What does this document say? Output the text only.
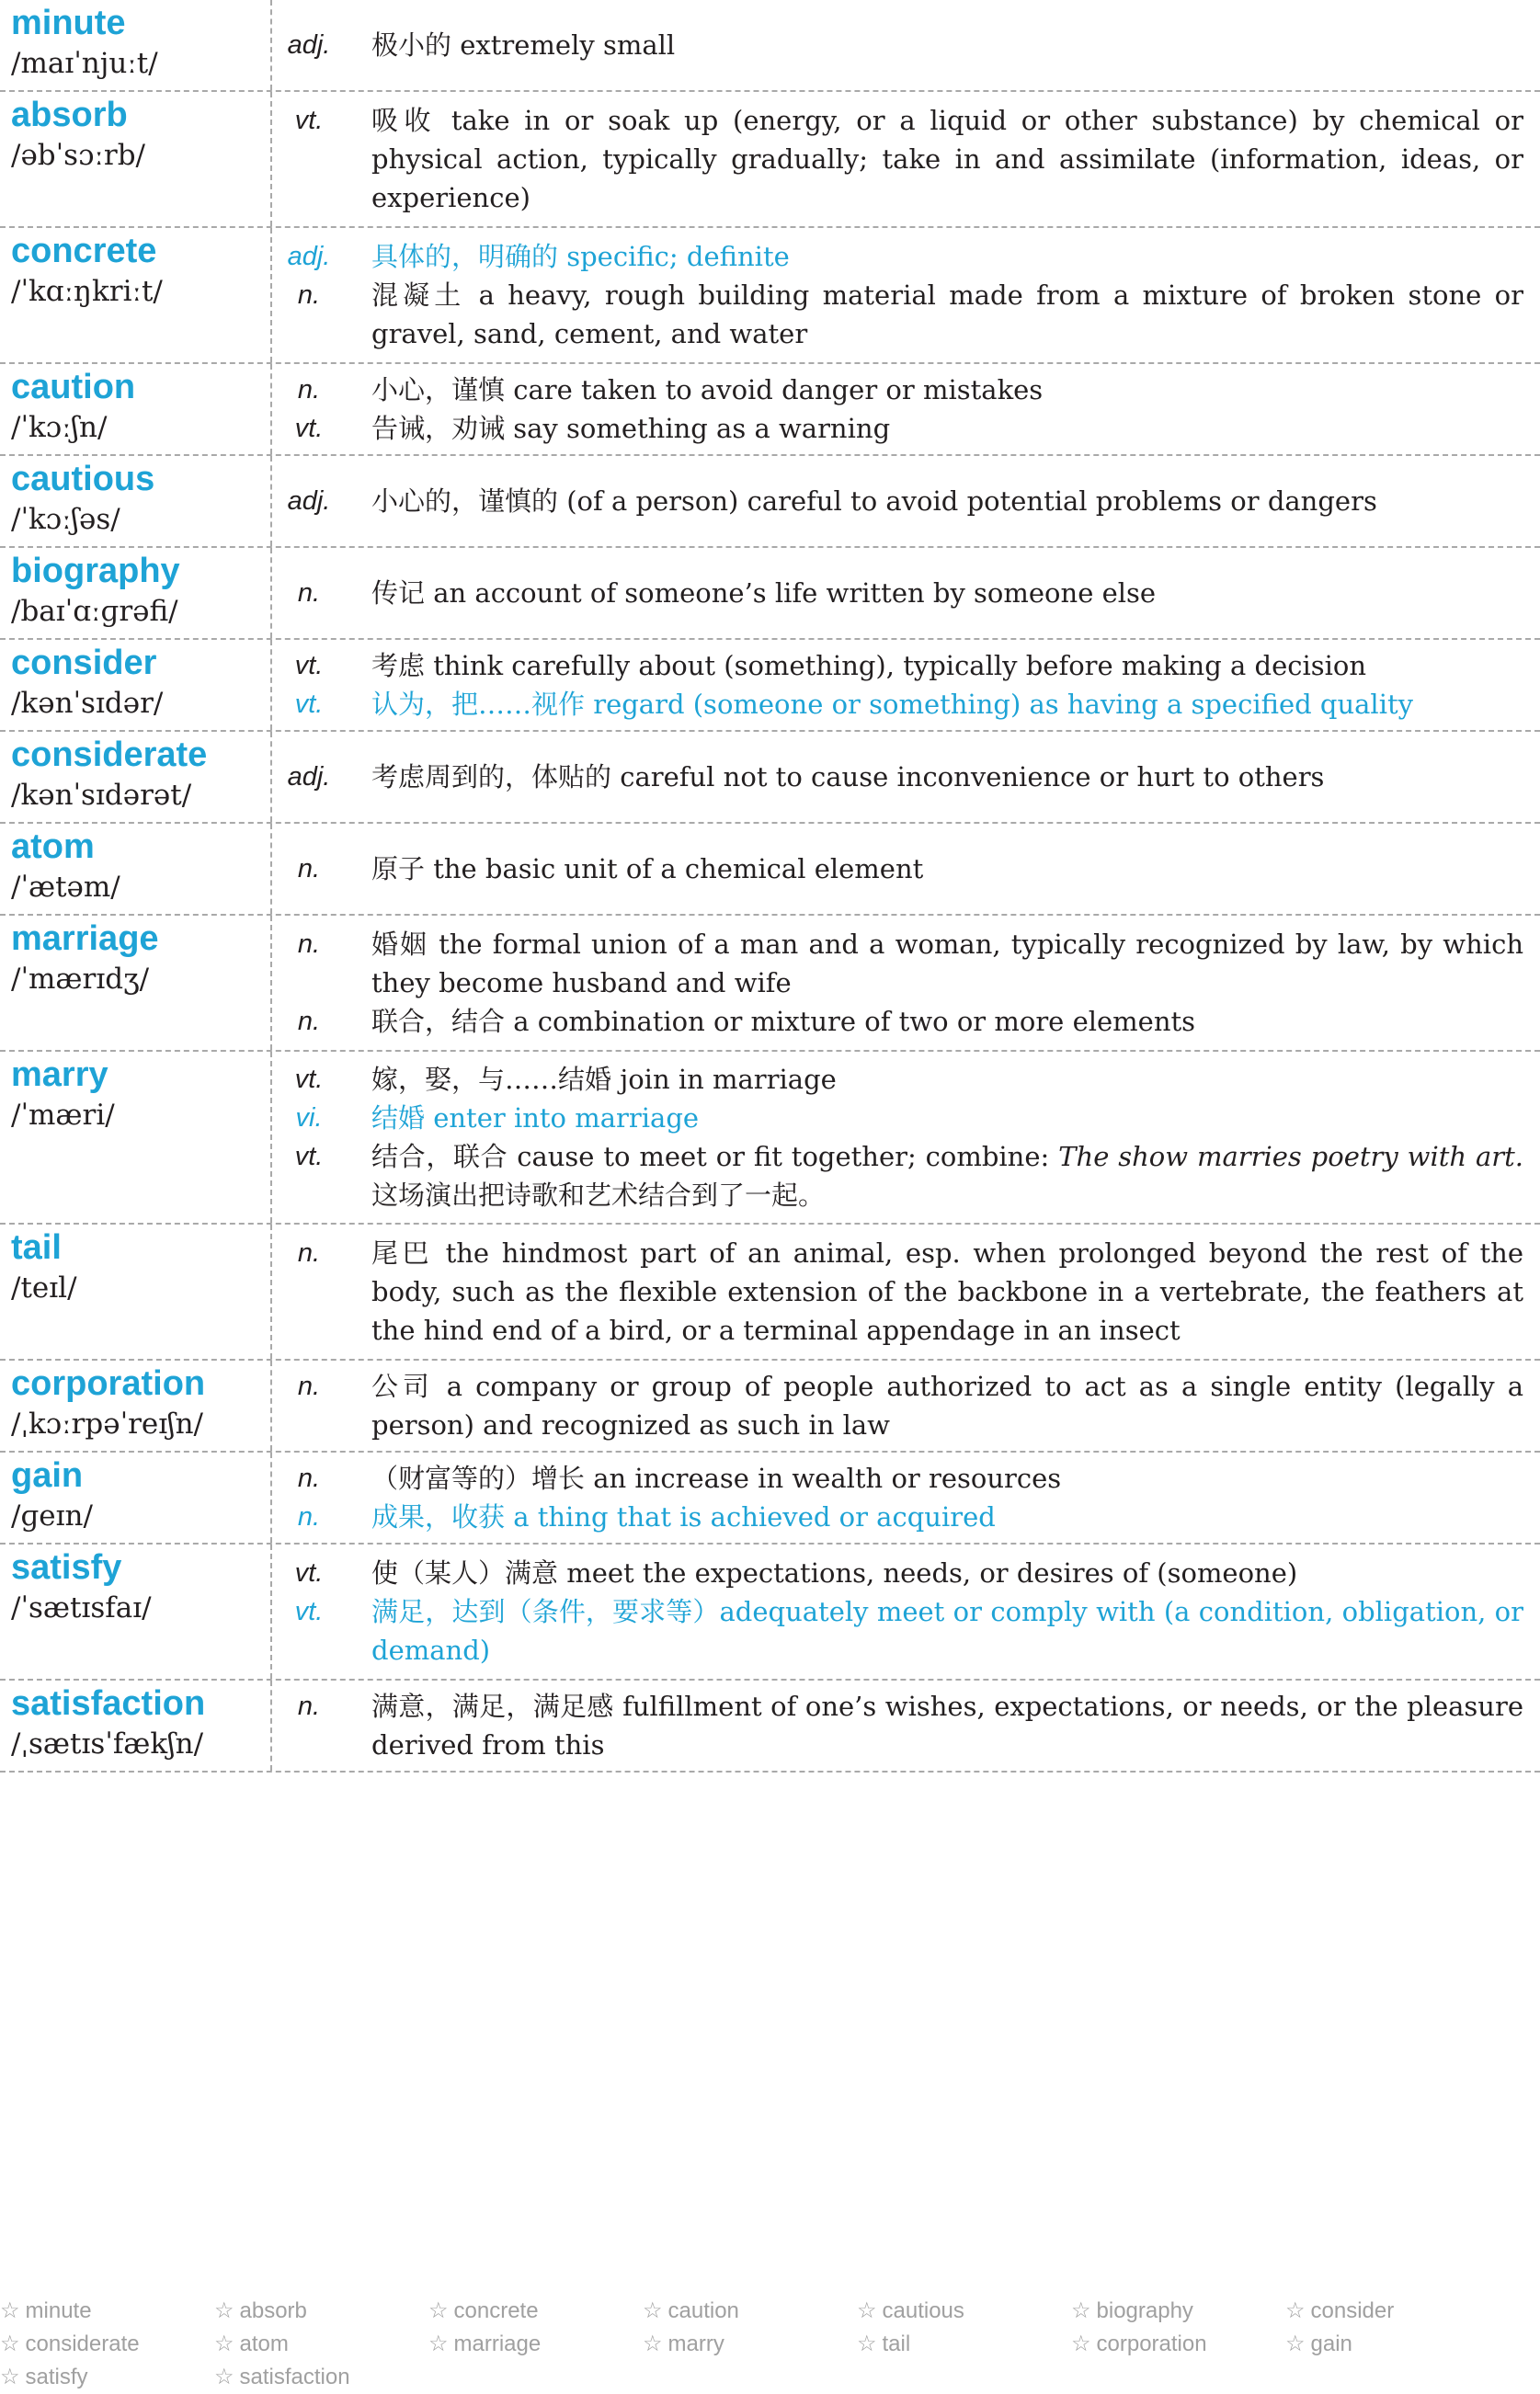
minute
/maɪˈnjuːt/
adj.	极小的 extremely small
absorb
/əbˈsɔːrb/
vt.	吸收 take in or soak up (energy, or a liquid or other substance) by chemical or physical action, typically gradually; take in and assimilate (information, ideas, or experience)
concrete
/ˈkɑːŋkriːt/
adj.	具体的，明确的 specific; definite
n.	混凝土 a heavy, rough building material made from a mixture of broken stone or gravel, sand, cement, and water
caution
/ˈkɔːʃn/
n.	小心，谨慎 care taken to avoid danger or mistakes
vt.	告诫，劝诫 say something as a warning
cautious
/ˈkɔːʃəs/
adj.	小心的，谨慎的 (of a person) careful to avoid potential problems or dangers
biography
/baɪˈɑːɡrəfi/
n.	传记 an account of someone’s life written by someone else
consider
/kənˈsɪdər/
vt.	考虑 think carefully about (something), typically before making a decision
vt.	认为，把……视作 regard (someone or something) as having a specified quality
considerate
/kənˈsɪdərət/
adj.	考虑周到的，体贴的 careful not to cause inconvenience or hurt to others
atom
/ˈætəm/
n.	原子 the basic unit of a chemical element
marriage
/ˈmærɪdʒ/
n.	婚姻 the formal union of a man and a woman, typically recognized by law, by which they become husband and wife
n.	联合，结合 a combination or mixture of two or more elements
marry
/ˈmæri/
vt.	嫁，娶，与……结婚 join in marriage
vi.	结婚 enter into marriage
vt.	结合，联合 cause to meet or fit together; combine: The show marries poetry with art. 这场演出把诗歌和艺术结合到了一起。
tail
/teɪl/
n.	尾巴 the hindmost part of an animal, esp. when prolonged beyond the rest of the body, such as the flexible extension of the backbone in a vertebrate, the feathers at the hind end of a bird, or a terminal appendage in an insect
corporation
/ˌkɔːrpəˈreɪʃn/
n.	公司 a company or group of people authorized to act as a single entity (legally a person) and recognized as such in law
gain
/ɡeɪn/
n.	（财富等的）增长 an increase in wealth or resources
n.	成果，收获 a thing that is achieved or acquired
satisfy
/ˈsætɪsfaɪ/
vt.	使（某人）满意 meet the expectations, needs, or desires of (someone)
vt.	满足，达到（条件，要求等）adequately meet or comply with (a condition, obligation, or demand)
satisfaction
/ˌsætɪsˈfækʃn/
n.	满意，满足，满足感 fulfillment of one’s wishes, expectations, or needs, or the pleasure derived from this
☆ minute	☆ absorb	☆ concrete	☆ caution	☆ cautious	☆ biography	☆ consider
☆ considerate	☆ atom	☆ marriage	☆ marry	☆ tail	☆ corporation	☆ gain
☆ satisfy	☆ satisfaction
